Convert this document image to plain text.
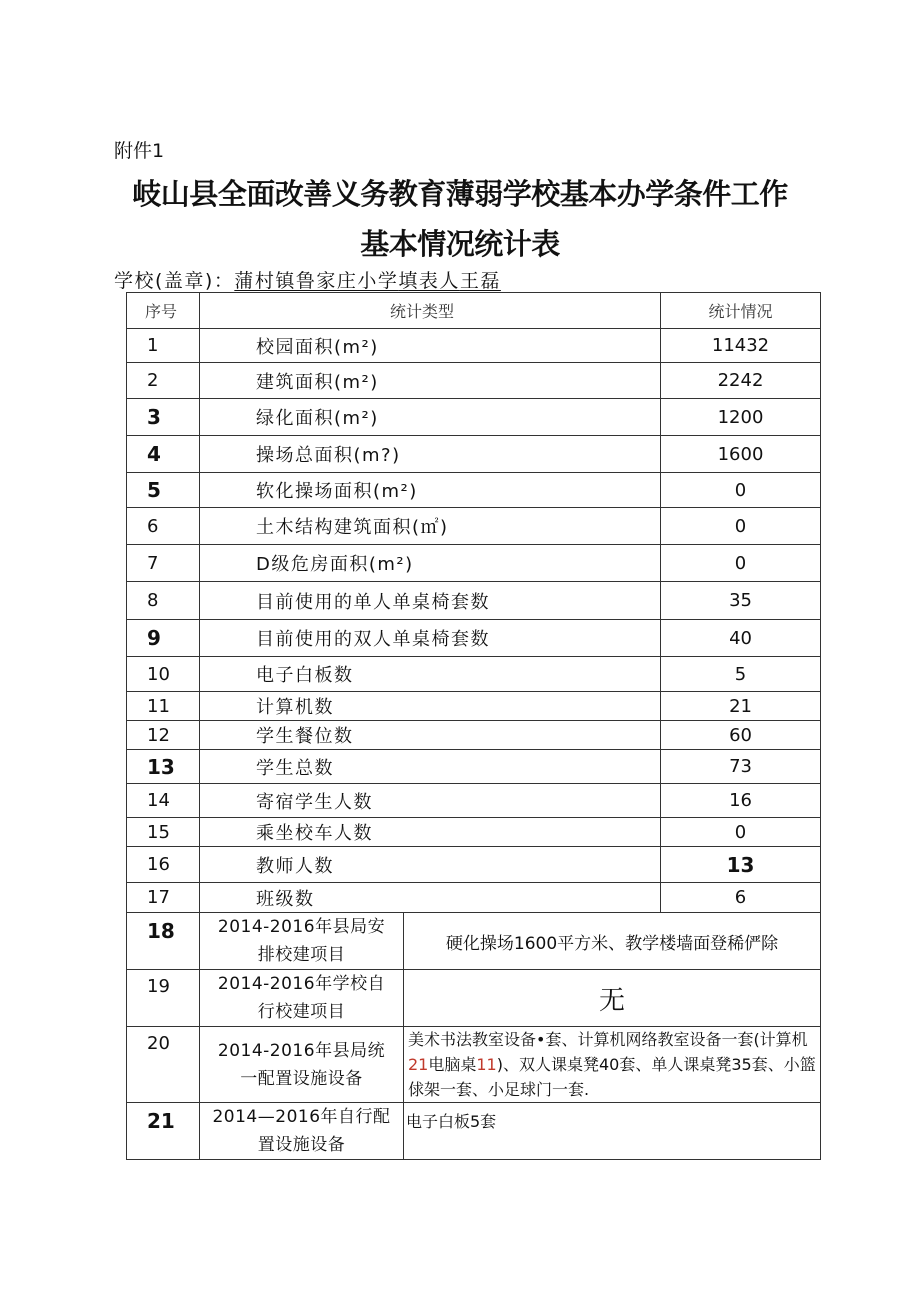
附件1
岐山县全面改善义务教育薄弱学校基本办学条件工作
基本情况统计表
学校(盖章)：蒲村镇鲁家庄小学填表人王磊
序号	统计类型		统计情况
1	校园面积(m²)		11432
2	建筑面积(m²)		2242
3	绿化面积(m²)		1200
4	操场总面积(m?)		1600
5	软化操场面积(m²)		0
6	土木结构建筑面积(㎡)		0
7	D级危房面积(m²)		0
8	目前使用的单人单桌椅套数		35
9	目前使用的双人单桌椅套数		40
10	电子白板数		5
11	计算机数		21
12	学生餐位数		60
13	学生总数		73
14	寄宿学生人数		16
15	乘坐校车人数		0
16	教师人数		13
17	班级数		6
18	2014-2016年县局安
排校建项目	硬化操场1600平方米、教学楼墙面登稀俨除	
19	2014-2016年学校自
行校建项目	无	
20	2014-2016年县局统
一配置设施设备	美术书法教室设备•套、计算机网络教室设备一套(计算机21电脑桌11)、双人课桌凳40套、单人课桌凳35套、小篮俅架一套、小足球门一套.	
21	2014—2016年自行配
置设施设备	电子白板5套	
